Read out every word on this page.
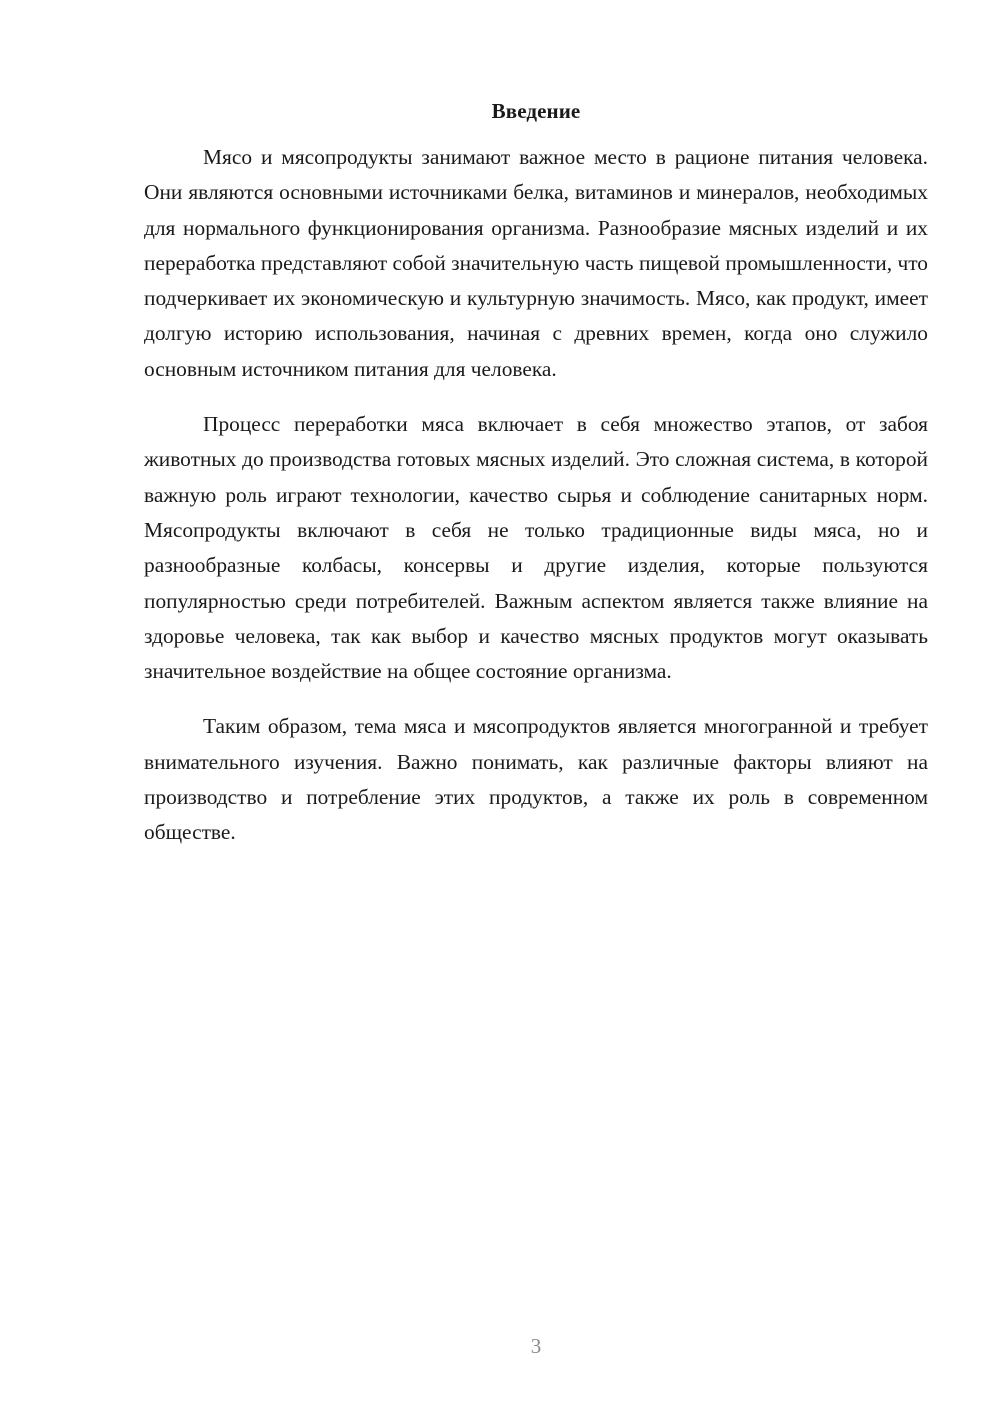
Введение

Мясо и мясопродукты занимают важное место в рационе питания человека. Они являются основными источниками белка, витаминов и минералов, необходимых для нормального функционирования организма. Разнообразие мясных изделий и их переработка представляют собой значительную часть пищевой промышленности, что подчеркивает их экономическую и культурную значимость. Мясо, как продукт, имеет долгую историю использования, начиная с древних времен, когда оно служило основным источником питания для человека.

Процесс переработки мяса включает в себя множество этапов, от забоя животных до производства готовых мясных изделий. Это сложная система, в которой важную роль играют технологии, качество сырья и соблюдение санитарных норм. Мясопродукты включают в себя не только традиционные виды мяса, но и разнообразные колбасы, консервы и другие изделия, которые пользуются популярностью среди потребителей. Важным аспектом является также влияние на здоровье человека, так как выбор и качество мясных продуктов могут оказывать значительное воздействие на общее состояние организма.

Таким образом, тема мяса и мясопродуктов является многогранной и требует внимательного изучения. Важно понимать, как различные факторы влияют на производство и потребление этих продуктов, а также их роль в современном обществе.

3
